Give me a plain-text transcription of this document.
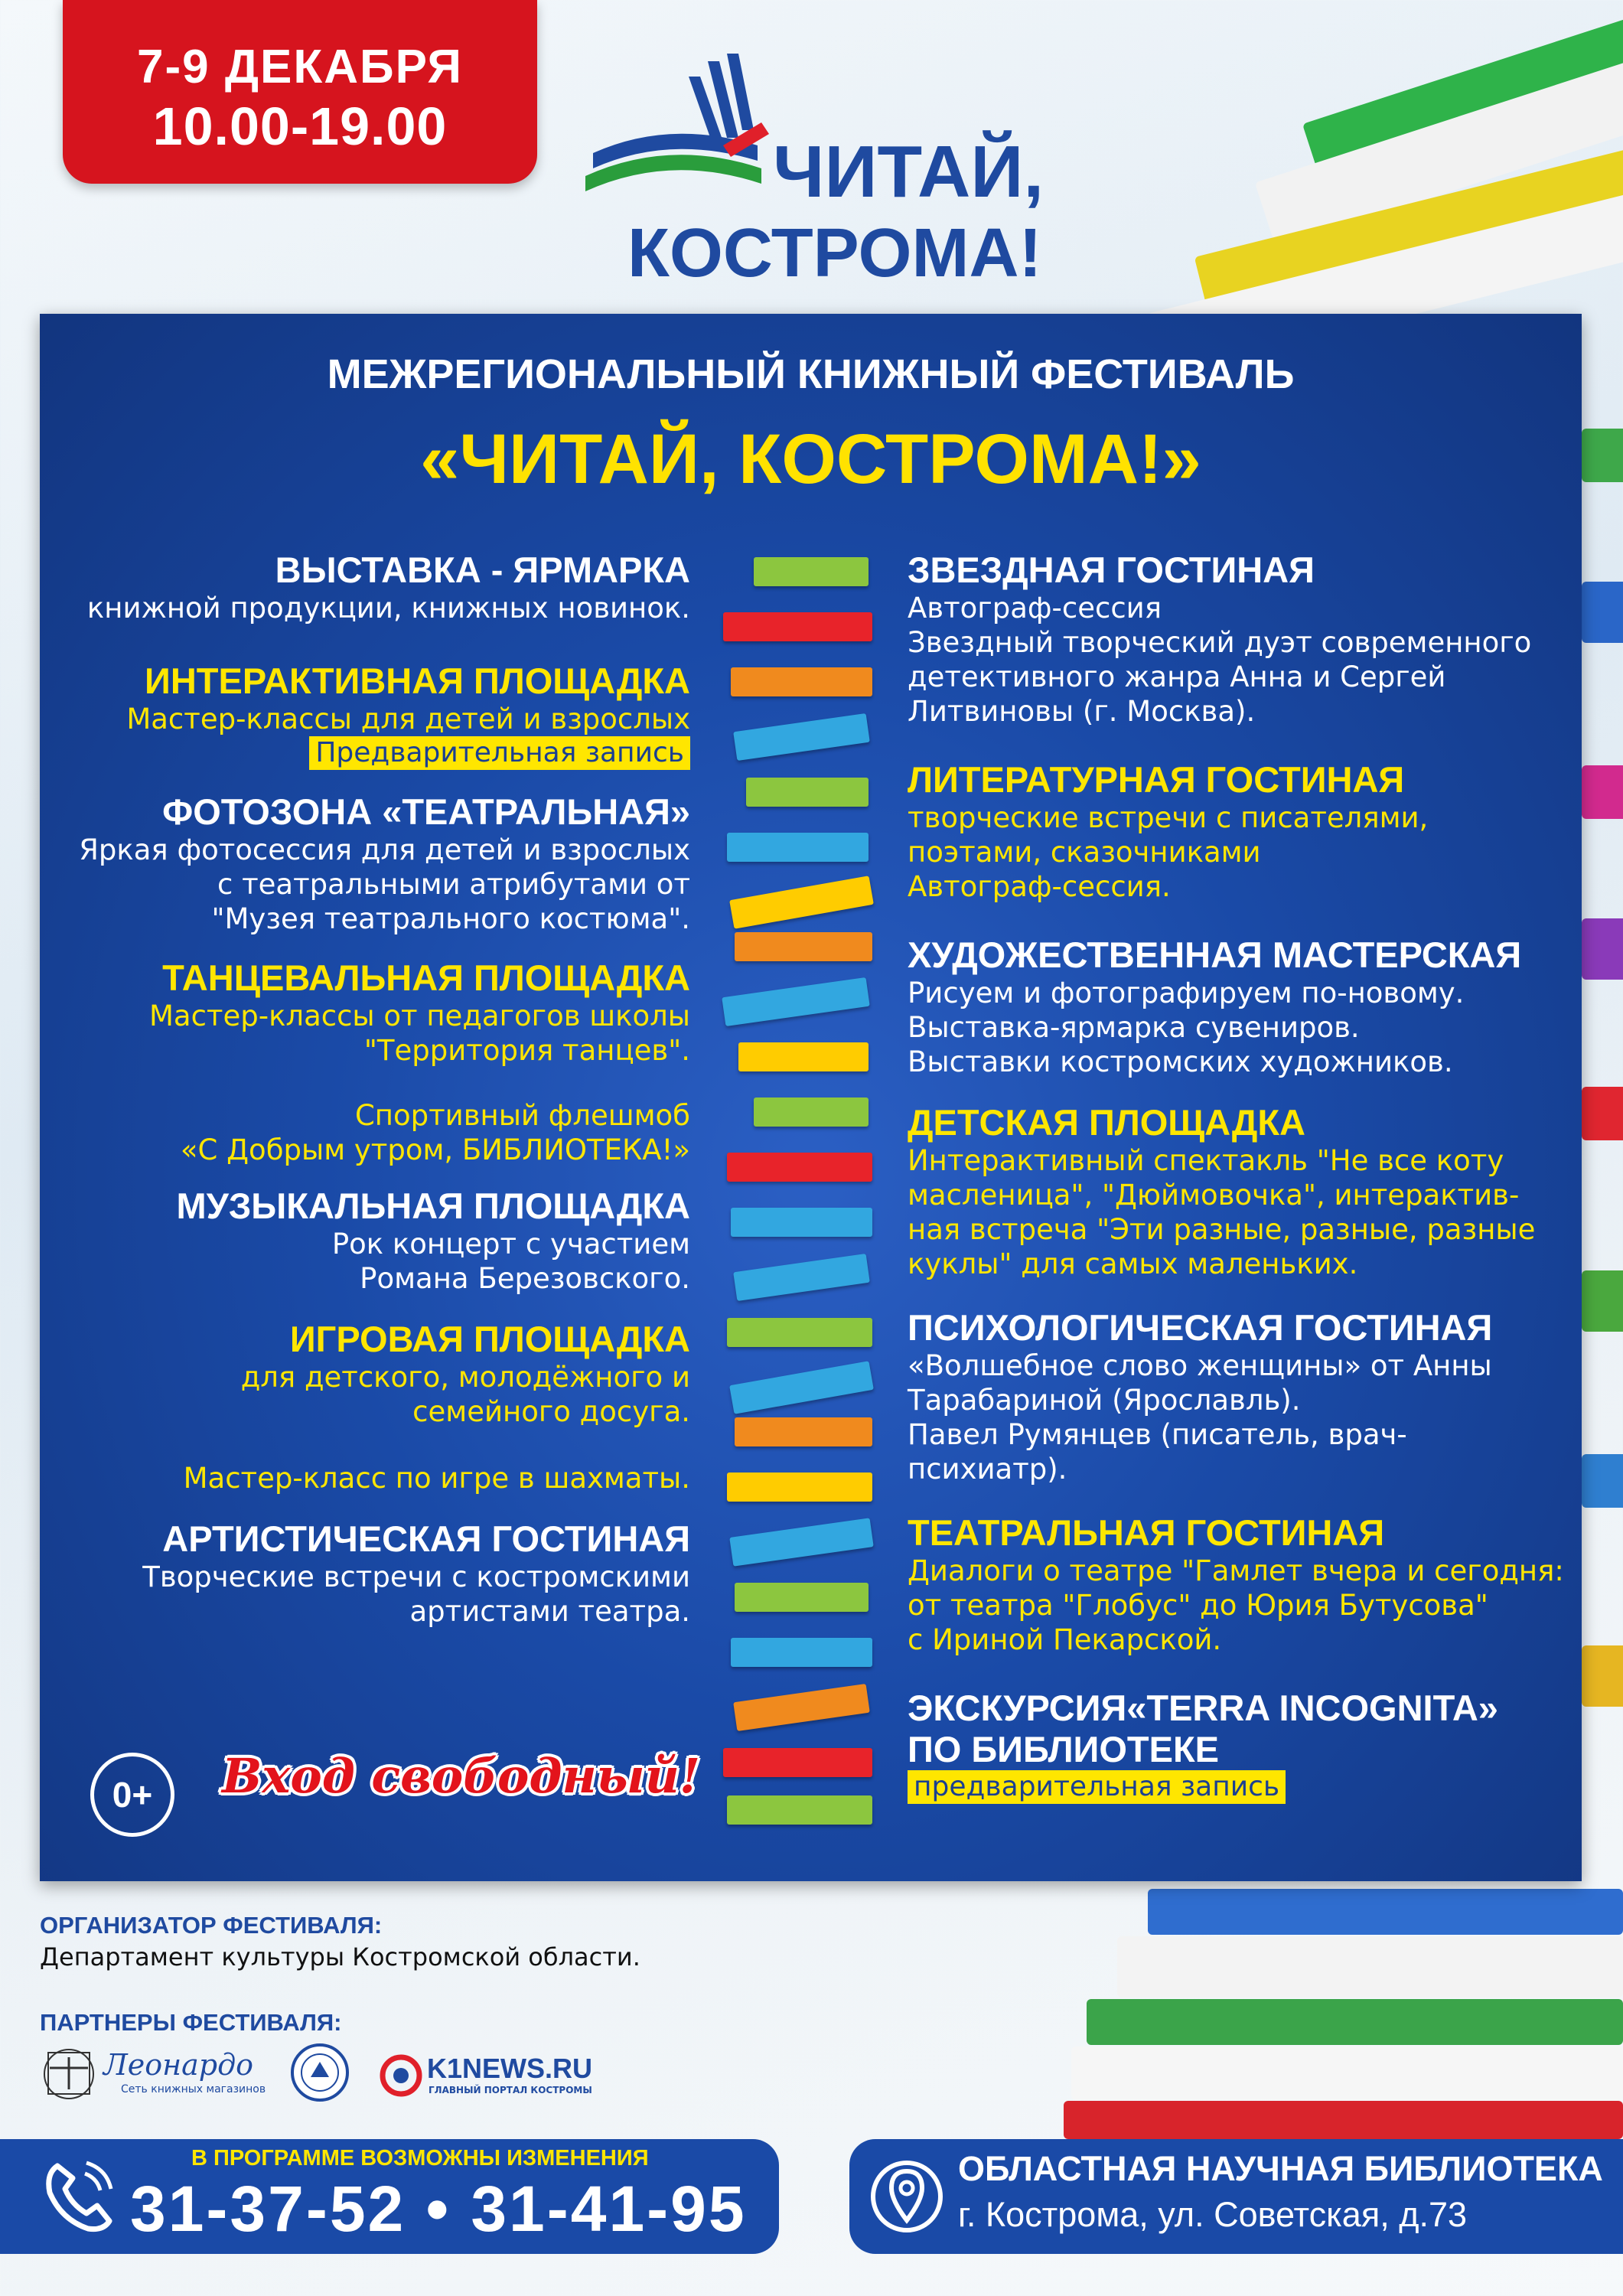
7-9 ДЕКАБРЯ
10.00-19.00
ЧИТАЙ,
КОСТРОМА!
МЕЖРЕГИОНАЛЬНЫЙ КНИЖНЫЙ ФЕСТИВАЛЬ
«ЧИТАЙ, КОСТРОМА!»
ВЫСТАВКА - ЯРМАРКА
книжной продукции, книжных новинок.
ИНТЕРАКТИВНАЯ ПЛОЩАДКА
Мастер-классы для детей и взрослых
Предварительная запись
ФОТОЗОНА «ТЕАТРАЛЬНАЯ»
Яркая фотосессия для детей и взрослых
с театральными атрибутами от
"Музея театрального костюма".
ТАНЦЕВАЛЬНАЯ ПЛОЩАДКА
Мастер-классы от педагогов школы
"Территория танцев".
Спортивный флешмоб
«С Добрым утром, БИБЛИОТЕКА!»
МУЗЫКАЛЬНАЯ ПЛОЩАДКА
Рок концерт с участием
Романа Березовского.
ИГРОВАЯ ПЛОЩАДКА
для детского, молодёжного и
семейного досуга.
Мастер-класс по игре в шахматы.
АРТИСТИЧЕСКАЯ ГОСТИНАЯ
Творческие встречи с костромскими
артистами театра.
ЗВЕЗДНАЯ ГОСТИНАЯ
Автограф-сессия
Звездный творческий дуэт современного
детективного жанра Анна и Сергей
Литвиновы (г. Москва).
ЛИТЕРАТУРНАЯ ГОСТИНАЯ
творческие встречи с писателями,
поэтами, сказочниками
Автограф-сессия.
ХУДОЖЕСТВЕННАЯ МАСТЕРСКАЯ
Рисуем и фотографируем по-новому.
Выставка-ярмарка сувениров.
Выставки костромских художников.
ДЕТСКАЯ ПЛОЩАДКА
Интерактивный спектакль "Не все коту
масленица", "Дюймовочка", интерактив-
ная встреча "Эти разные, разные, разные
куклы" для самых маленьких.
ПСИХОЛОГИЧЕСКАЯ ГОСТИНАЯ
«Волшебное слово женщины» от Анны
Тарабариной (Ярославль).
Павел Румянцев (писатель, врач-психиатр).
ТЕАТРАЛЬНАЯ ГОСТИНАЯ
Диалоги о театре "Гамлет вчера и сегодня:
от театра "Глобус" до Юрия Бутусова"
с Ириной Пекарской.
ЭКСКУРСИЯ«TERRA INCOGNITA»
ПО БИБЛИОТЕКЕ
предварительная запись
0+	Вход свободный!
ОРГАНИЗАТОР ФЕСТИВАЛЯ:
Департамент культуры Костромской области.
ПАРТНЕРЫ ФЕСТИВАЛЯ:
Леонардо
Сеть книжных магазинов
K1NEWS.RU
ГЛАВНЫЙ ПОРТАЛ КОСТРОМЫ
В ПРОГРАММЕ ВОЗМОЖНЫ ИЗМЕНЕНИЯ
31-37-52 • 31-41-95
ОБЛАСТНАЯ НАУЧНАЯ БИБЛИОТЕКА
г. Кострома, ул. Советская, д.73
